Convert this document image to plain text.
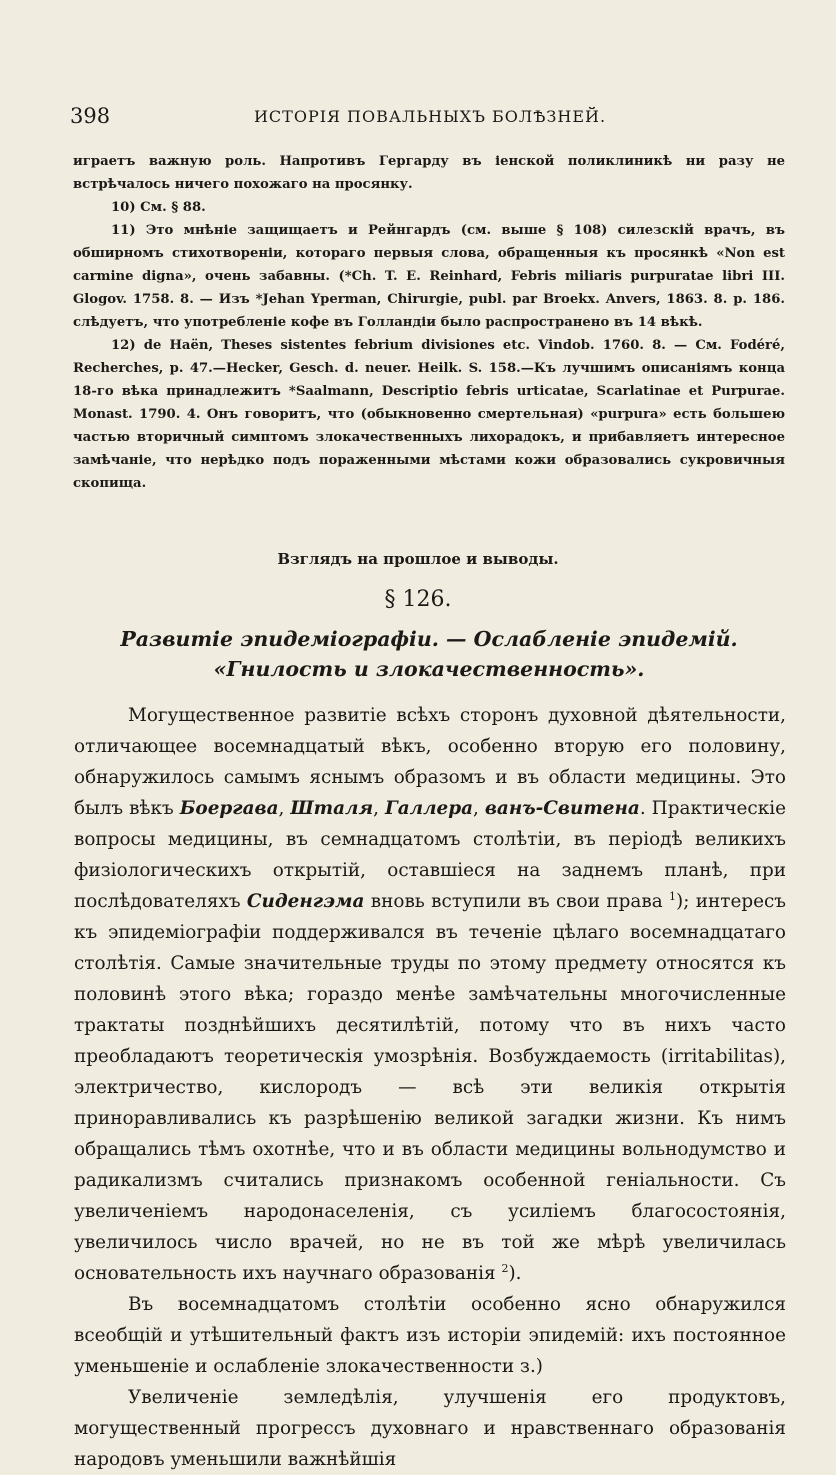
398	ИСТОРІЯ ПОВАЛЬНЫХЪ БОЛѢЗНЕЙ.

играетъ важную роль. Напротивъ Гергарду въ іенской поликлиникѣ ни разу не встрѣчалось ничего похожаго на просянку.

10) См. § 88.

11) Это мнѣніе защищаетъ и Рейнгардъ (см. выше § 108) силезскій врачъ, въ обширномъ стихотвореніи, котораго первыя слова, обращенныя къ просянкѣ «Non est carmine digna», очень забавны. (*Ch. T. E. Reinhard, Febris miliaris purpuratae libri III. Glogov. 1758. 8. — Изъ *Jehan Yperman, Chirurgie, publ. par Broekx. Anvers, 1863. 8. p. 186. слѣдуетъ, что употребленіе кофе въ Голландіи было распространено въ 14 вѣкѣ.

12) de Haën, Theses sistentes febrium divisiones etc. Vindob. 1760. 8. — См. Fodéré, Recherches, p. 47.—Hecker, Gesch. d. neuer. Heilk. S. 158.—Къ лучшимъ описаніямъ конца 18-го вѣка принадлежитъ *Saalmann, Descriptio febris urticatae, Scarlatinae et Purpurae. Monast. 1790. 4. Онъ говоритъ, что (обыкновенно смертельная) «purpura» есть большею частью вторичный симптомъ злокачественныхъ лихорадокъ, и прибавляетъ интересное замѣчаніе, что нерѣдко подъ пораженными мѣстами кожи образовались сукровичныя скопища.

Взглядъ на прошлое и выводы.
§ 126.
Развитіе эпидеміографіи. — Ослабленіе эпидемій. «Гнилость и злокачественность».

Могущественное развитіе всѣхъ сторонъ духовной дѣятельности, отличающее восемнадцатый вѣкъ, особенно вторую его половину, обнаружилось самымъ яснымъ образомъ и въ области медицины. Это былъ вѣкъ Боергава, Шталя, Галлера, ванъ-Свитена. Практическіе вопросы медицины, въ семнадцатомъ столѣтіи, въ періодѣ великихъ физіологическихъ открытій, оставшіеся на заднемъ планѣ, при послѣдователяхъ Сиденгэма вновь вступили въ свои права $^1$); интересъ къ эпидеміографіи поддерживался въ теченіе цѣлаго восемнадцатаго столѣтія. Самые значительные труды по этому предмету относятся къ половинѣ этого вѣка; гораздо менѣе замѣчательны многочисленные трактаты позднѣйшихъ десятилѣтій, потому что въ нихъ часто преобладаютъ теоретическія умозрѣнія. Возбуждаемость (irritabilitas), электричество, кислородъ — всѣ эти великія открытія приноравливались къ разрѣшенію великой загадки жизни. Къ нимъ обращались тѣмъ охотнѣе, что и въ области медицины вольнодумство и радикализмъ считались признакомъ особенной геніальности. Съ увеличеніемъ народонаселенія, съ усиліемъ благосостоянія, увеличилось число врачей, но не въ той же мѣрѣ увеличилась основательность ихъ научнаго образованія $^2$).

Въ восемнадцатомъ столѣтіи особенно ясно обнаружился всеобщій и утѣшительный фактъ изъ исторіи эпидемій: ихъ постоянное уменьшеніе и ослабленіе злокачественности з.)

Увеличеніе земледѣлія, улучшенія его продуктовъ, могущественный прогрессъ духовнаго и нравственнаго образованія народовъ уменьшили важнѣйшія
